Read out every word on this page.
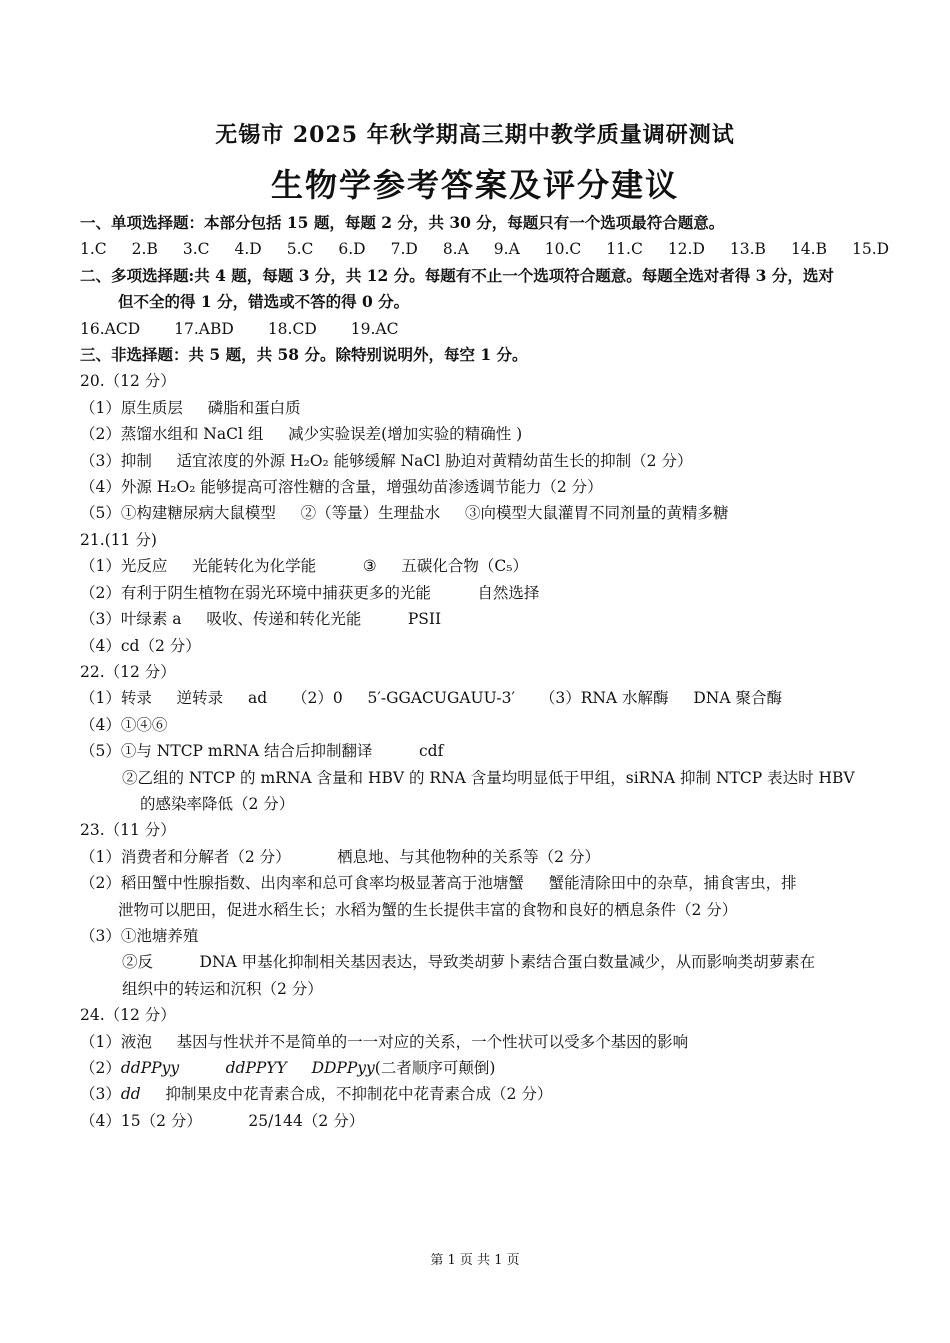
无锡市 2025 年秋学期高三期中教学质量调研测试
生物学参考答案及评分建议
一、单项选择题：本部分包括 15 题，每题 2 分，共 30 分，每题只有一个选项最符合题意。
1.C 2.B 3.C 4.D 5.C 6.D 7.D 8.A 9.A 10.C 11.C 12.D 13.B 14.B 15.D
二、多项选择题:共 4 题，每题 3 分，共 12 分。每题有不止一个选项符合题意。每题全选对者得 3 分，选对
但不全的得 1 分，错选或不答的得 0 分。
16.ACD 17.ABD 18.CD 19.AC
三、非选择题：共 5 题，共 58 分。除特别说明外，每空 1 分。
20.（12 分）
（1）原生质层 磷脂和蛋白质
（2）蒸馏水组和 NaCl 组 减少实验误差(增加实验的精确性 )
（3）抑制 适宜浓度的外源 H₂O₂ 能够缓解 NaCl 胁迫对黄精幼苗生长的抑制（2 分）
（4）外源 H₂O₂ 能够提高可溶性糖的含量，增强幼苗渗透调节能力（2 分）
（5）①构建糖尿病大鼠模型 ②（等量）生理盐水 ③向模型大鼠灌胃不同剂量的黄精多糖
21.(11 分)
（1）光反应 光能转化为化学能	③ 五碳化合物（C₅）
（2）有利于阴生植物在弱光环境中捕获更多的光能	自然选择
（3）叶绿素 a 吸收、传递和转化光能	PSII
（4）cd（2 分）
22.（12 分）
（1）转录 逆转录 ad （2）0 5′-GGACUGAUU-3′ （3）RNA 水解酶 DNA 聚合酶
（4）①④⑥
（5）①与 NTCP mRNA 结合后抑制翻译	cdf
②乙组的 NTCP 的 mRNA 含量和 HBV 的 RNA 含量均明显低于甲组，siRNA 抑制 NTCP 表达时 HBV
的感染率降低（2 分）
23.（11 分）
（1）消费者和分解者（2 分）	栖息地、与其他物种的关系等（2 分）
（2）稻田蟹中性腺指数、出肉率和总可食率均极显著高于池塘蟹 蟹能清除田中的杂草，捕食害虫，排
泄物可以肥田，促进水稻生长；水稻为蟹的生长提供丰富的食物和良好的栖息条件（2 分）
（3）①池塘养殖
②反	DNA 甲基化抑制相关基因表达，导致类胡萝卜素结合蛋白数量减少，从而影响类胡萝素在
组织中的转运和沉积（2 分）
24.（12 分）
（1）液泡 基因与性状并不是简单的一一对应的关系，一个性状可以受多个基因的影响
（2）ddPPyy	ddPPYY DDPPyy(二者顺序可颠倒)
（3）dd 抑制果皮中花青素合成，不抑制花中花青素合成（2 分）
（4）15（2 分）	25/144（2 分）
第 1 页 共 1 页
